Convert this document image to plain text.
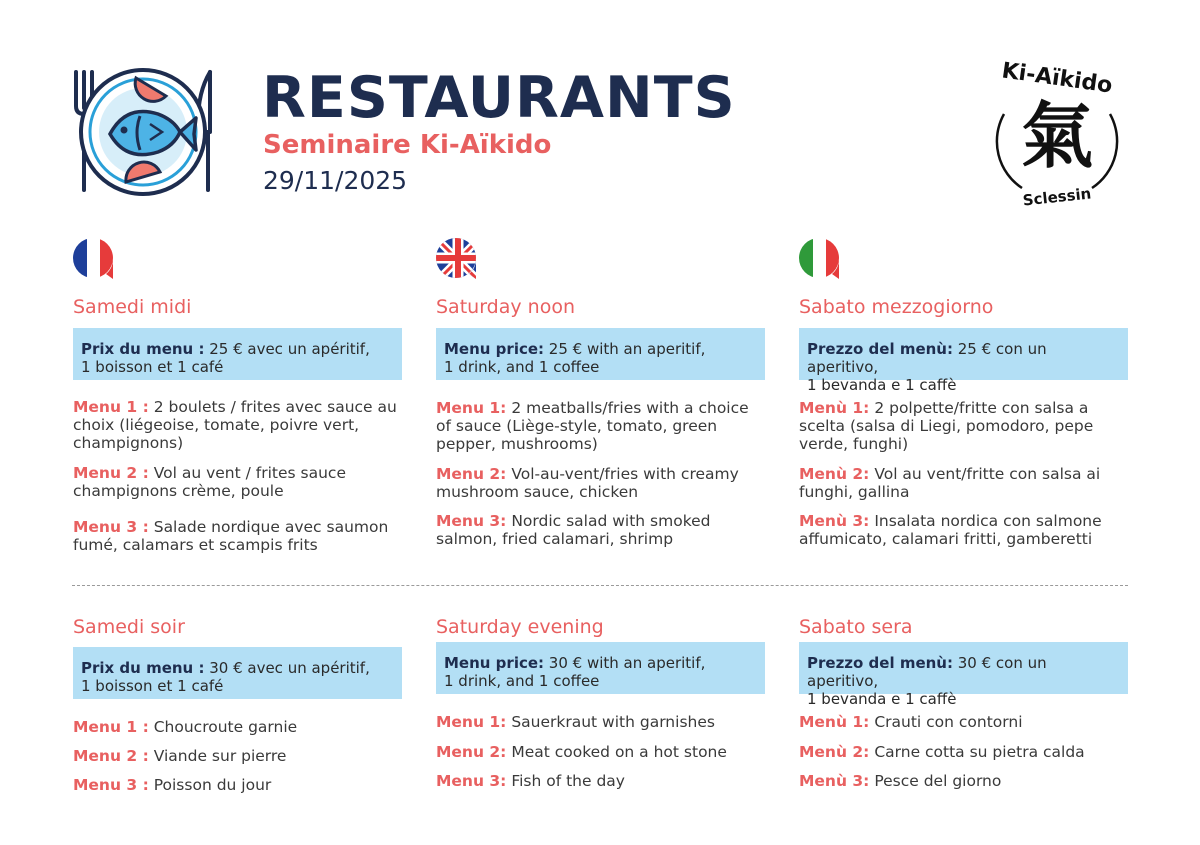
RESTAURANTS
Seminaire Ki-Aïkido
29/11/2025
Ki-Aïkido
氣
Sclessin
Samedi midi
Prix du menu : 25 € avec un apéritif,
1 boisson et 1 café
Menu 1 : 2 boulets / frites avec sauce au choix (liégeoise, tomate, poivre vert, champignons)
Menu 2 : Vol au vent / frites sauce champignons crème, poule
Menu 3 : Salade nordique avec saumon fumé, calamars et scampis frits
Samedi soir
Prix du menu : 30 € avec un apéritif,
1 boisson et 1 café
Menu 1 : Choucroute garnie
Menu 2 : Viande sur pierre
Menu 3 : Poisson du jour
Saturday noon
Menu price: 25 € with an aperitif,
1 drink, and 1 coffee
Menu 1: 2 meatballs/fries with a choice of sauce (Liège-style, tomato, green pepper, mushrooms)
Menu 2: Vol-au-vent/fries with creamy mushroom sauce, chicken
Menu 3: Nordic salad with smoked salmon, fried calamari, shrimp
Saturday evening
Menu price: 30 € with an aperitif,
1 drink, and 1 coffee
Menu 1: Sauerkraut with garnishes
Menu 2: Meat cooked on a hot stone
Menu 3: Fish of the day
Sabato mezzogiorno
Prezzo del menù: 25 € con un aperitivo,
1 bevanda e 1 caffè
Menù 1: 2 polpette/fritte con salsa a scelta (salsa di Liegi, pomodoro, pepe verde, funghi)
Menù 2: Vol au vent/fritte con salsa ai funghi, gallina
Menù 3: Insalata nordica con salmone affumicato, calamari fritti, gamberetti
Sabato sera
Prezzo del menù: 30 € con un aperitivo,
1 bevanda e 1 caffè
Menù 1: Crauti con contorni
Menù 2: Carne cotta su pietra calda
Menù 3: Pesce del giorno
